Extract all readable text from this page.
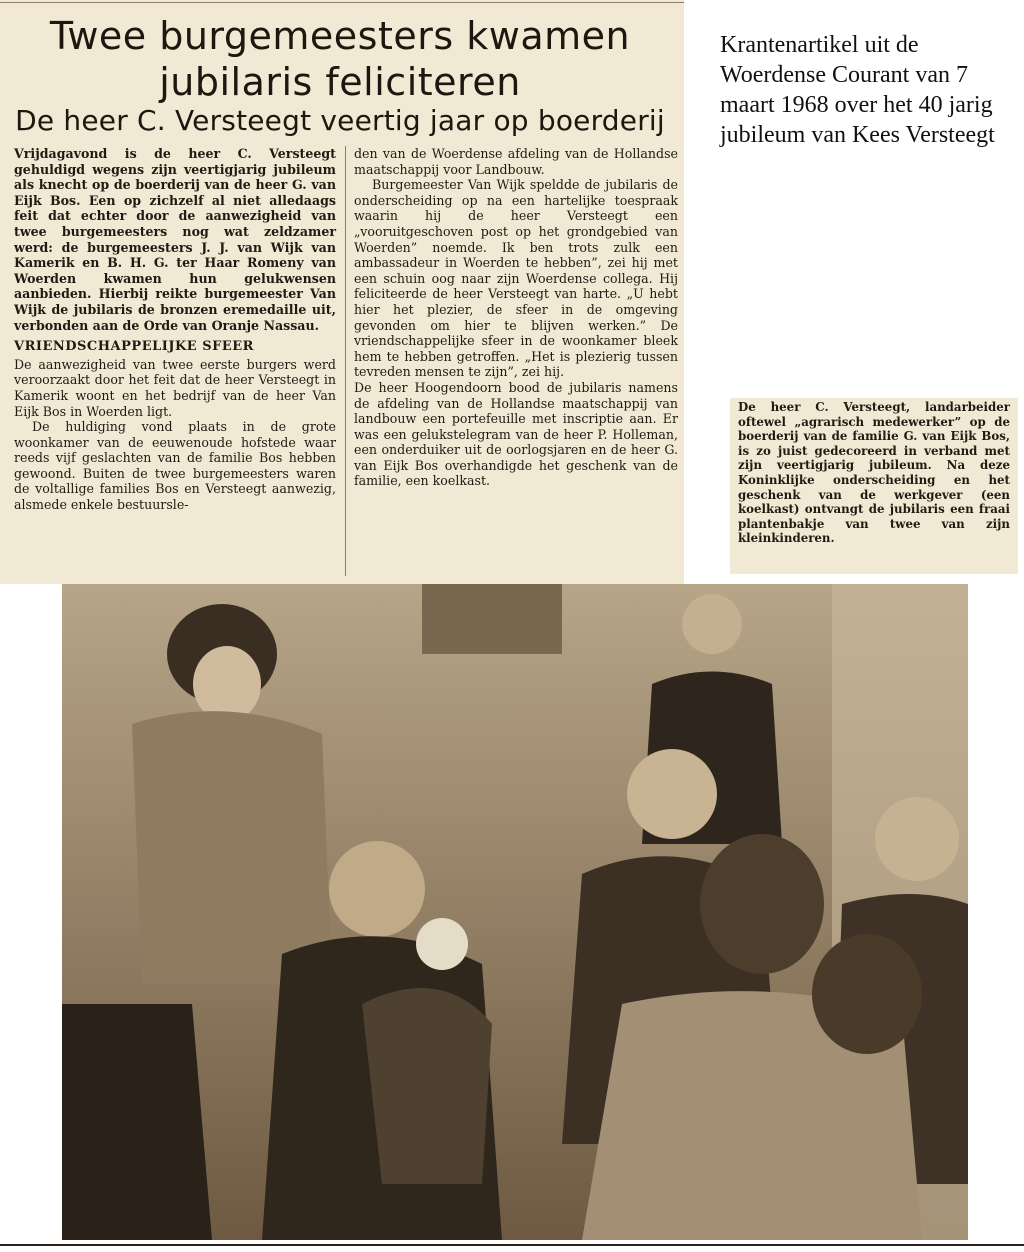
Twee burgemeesters kwamen
jubilaris feliciteren
De heer C. Versteegt veertig jaar op boerderij

Vrijdagavond is de heer C. Versteegt gehuldigd wegens zijn veertigjarig jubileum als knecht op de boerderij van de heer G. van Eijk Bos. Een op zichzelf al niet alledaags feit dat echter door de aanwezigheid van twee burgemeesters nog wat zeldzamer werd: de burgemeesters J. J. van Wijk van Kamerik en B. H. G. ter Haar Romeny van Woerden kwamen hun gelukwensen aanbieden. Hierbij reikte burgemeester Van Wijk de jubilaris de bronzen eremedaille uit, verbonden aan de Orde van Oranje Nassau.

VRIENDSCHAPPELIJKE SFEER

De aanwezigheid van twee eerste burgers werd veroorzaakt door het feit dat de heer Versteegt in Kamerik woont en het bedrijf van de heer Van Eijk Bos in Woerden ligt.

De huldiging vond plaats in de grote woonkamer van de eeuwenoude hofstede waar reeds vijf geslachten van de familie Bos hebben gewoond. Buiten de twee burgemeesters waren de voltallige families Bos en Versteegt aanwezig, alsmede enkele bestuursle-

den van de Woerdense afdeling van de Hollandse maatschappij voor Landbouw.

Burgemeester Van Wijk speldde de jubilaris de onderscheiding op na een hartelijke toespraak waarin hij de heer Versteegt een „vooruitgeschoven post op het grondgebied van Woerden” noemde. Ik ben trots zulk een ambassadeur in Woerden te hebben”, zei hij met een schuin oog naar zijn Woerdense collega. Hij feliciteerde de heer Versteegt van harte. „U hebt hier het plezier, de sfeer in de omgeving gevonden om hier te blijven werken.” De vriendschappelijke sfeer in de woonkamer bleek hem te hebben getroffen. „Het is plezierig tussen tevreden mensen te zijn”, zei hij.

De heer Hoogendoorn bood de jubilaris namens de afdeling van de Hollandse maatschappij van landbouw een portefeuille met inscriptie aan. Er was een gelukstelegram van de heer P. Holleman, een onderduiker uit de oorlogsjaren en de heer G. van Eijk Bos overhandigde het geschenk van de familie, een koelkast.

Krantenartikel uit de Woerdense Courant van 7 maart 1968 over het 40 jarig jubileum van Kees Versteegt
De heer C. Versteegt, landarbeider oftewel „agrarisch medewerker” op de boerderij van de familie G. van Eijk Bos, is zo juist gedecoreerd in verband met zijn veertigjarig jubileum. Na deze Koninklijke onderscheiding en het geschenk van de werkgever (een koelkast) ontvangt de jubilaris een fraai plantenbakje van twee van zijn kleinkinderen.
